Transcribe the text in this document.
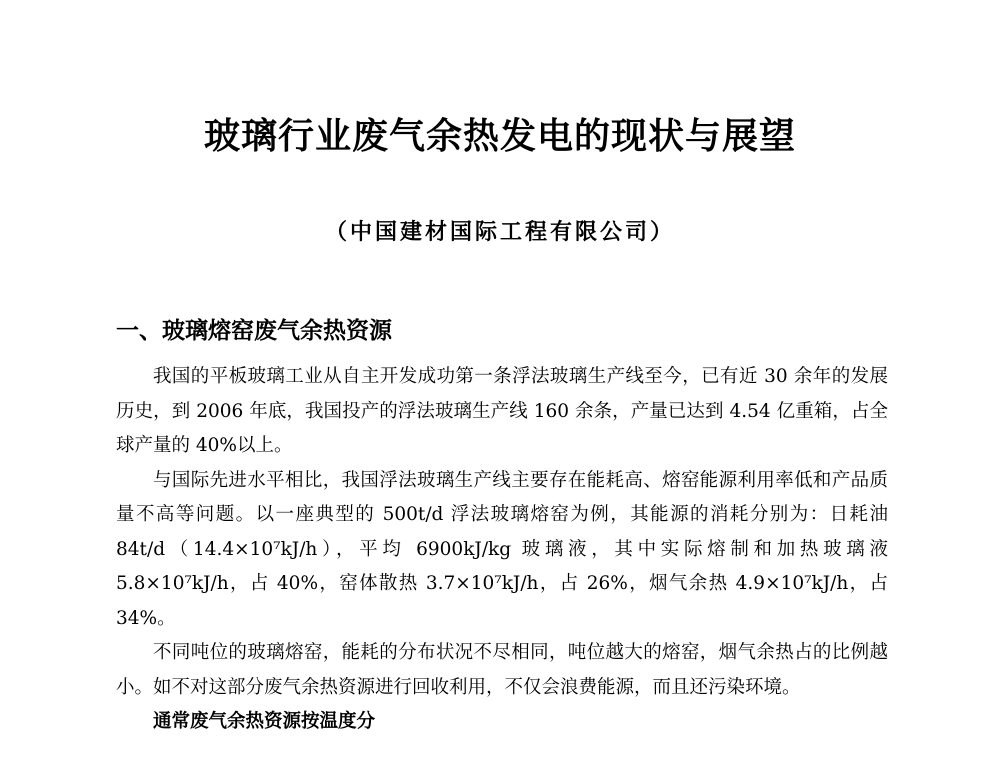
玻璃行业废气余热发电的现状与展望
（中国建材国际工程有限公司）
一、玻璃熔窑废气余热资源

我国的平板玻璃工业从自主开发成功第一条浮法玻璃生产线至今，已有近 30 余年的发展历史，到 2006 年底，我国投产的浮法玻璃生产线 160 余条，产量已达到 4.54 亿重箱，占全球产量的 40%以上。

与国际先进水平相比，我国浮法玻璃生产线主要存在能耗高、熔窑能源利用率低和产品质量不高等问题。以一座典型的 500t/d 浮法玻璃熔窑为例，其能源的消耗分别为：日耗油 84t/d（14.4×10⁷kJ/h），平均 6900kJ/kg 玻璃液，其中实际熔制和加热玻璃液 5.8×10⁷kJ/h，占 40%，窑体散热 3.7×10⁷kJ/h，占 26%，烟气余热 4.9×10⁷kJ/h，占 34%。

不同吨位的玻璃熔窑，能耗的分布状况不尽相同，吨位越大的熔窑，烟气余热占的比例越小。如不对这部分废气余热资源进行回收利用，不仅会浪费能源，而且还污染环境。

通常废气余热资源按温度分
